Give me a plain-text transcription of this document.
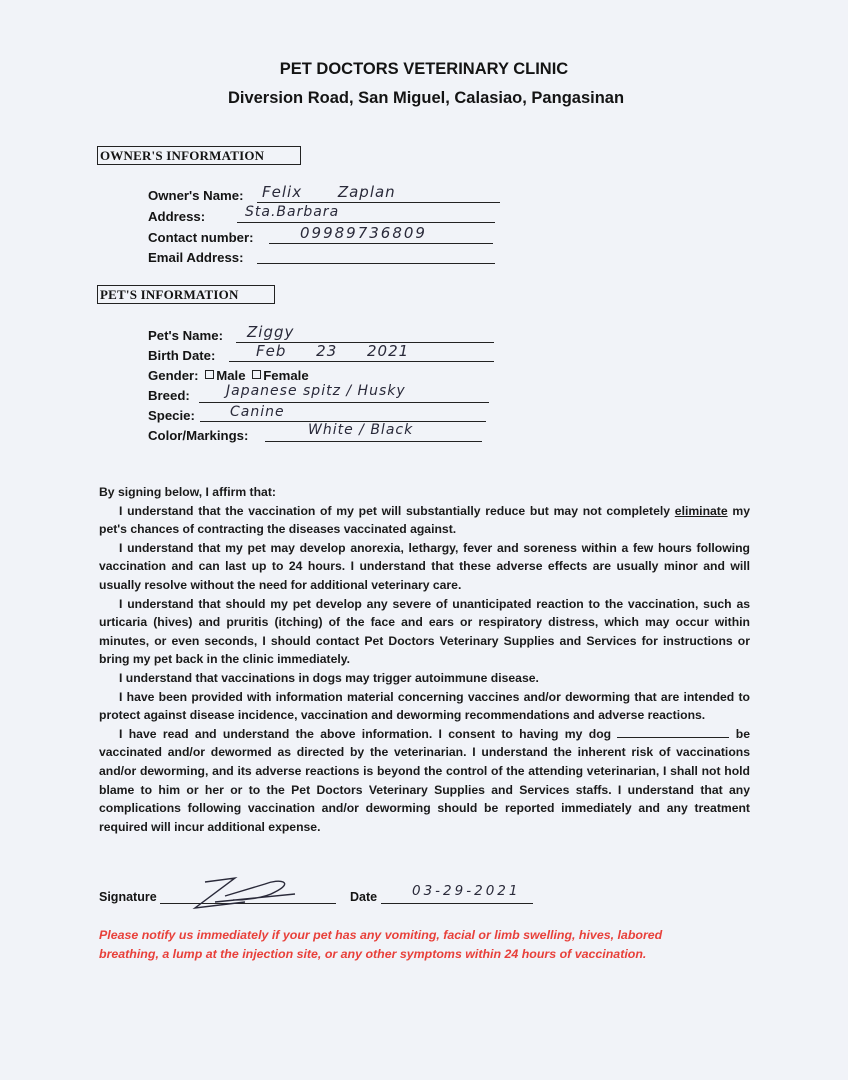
PET DOCTORS VETERINARY CLINIC
Diversion Road, San Miguel, Calasiao, Pangasinan
OWNER'S INFORMATION
Owner's Name: Felix Zaplan
Address:	Sta.Barbara
Contact number:	09989736809
Email Address:
PET'S INFORMATION
Pet's Name: Ziggy
Birth Date:	Feb 23 2021
Gender: Male Female
Breed:	Japanese spitz / Husky
Specie:	Canine
Color/Markings:	White / Black

By signing below, I affirm that:

I understand that the vaccination of my pet will substantially reduce but may not completely eliminate my pet's chances of contracting the diseases vaccinated against.

I understand that my pet may develop anorexia, lethargy, fever and soreness within a few hours following vaccination and can last up to 24 hours. I understand that these adverse effects are usually minor and will usually resolve without the need for additional veterinary care.

I understand that should my pet develop any severe of unanticipated reaction to the vaccination, such as urticaria (hives) and pruritis (itching) of the face and ears or respiratory distress, which may occur within minutes, or even seconds, I should contact Pet Doctors Veterinary Supplies and Services for instructions or bring my pet back in the clinic immediately.

I understand that vaccinations in dogs may trigger autoimmune disease.

I have been provided with information material concerning vaccines and/or deworming that are intended to protect against disease incidence, vaccination and deworming recommendations and adverse reactions.

I have read and understand the above information. I consent to having my dog	be vaccinated and/or dewormed as directed by the veterinarian. I understand the inherent risk of vaccinations and/or deworming, and its adverse reactions is beyond the control of the attending veterinarian, I shall not hold blame to him or her or to the Pet Doctors Veterinary Supplies and Services staffs. I understand that any complications following vaccination and/or deworming should be reported immediately and any treatment required will incur additional expense.

Signature	Date	03-29-2021
Please notify us immediately if your pet has any vomiting, facial or limb swelling, hives, labored breathing, a lump at the injection site, or any other symptoms within 24 hours of vaccination.
